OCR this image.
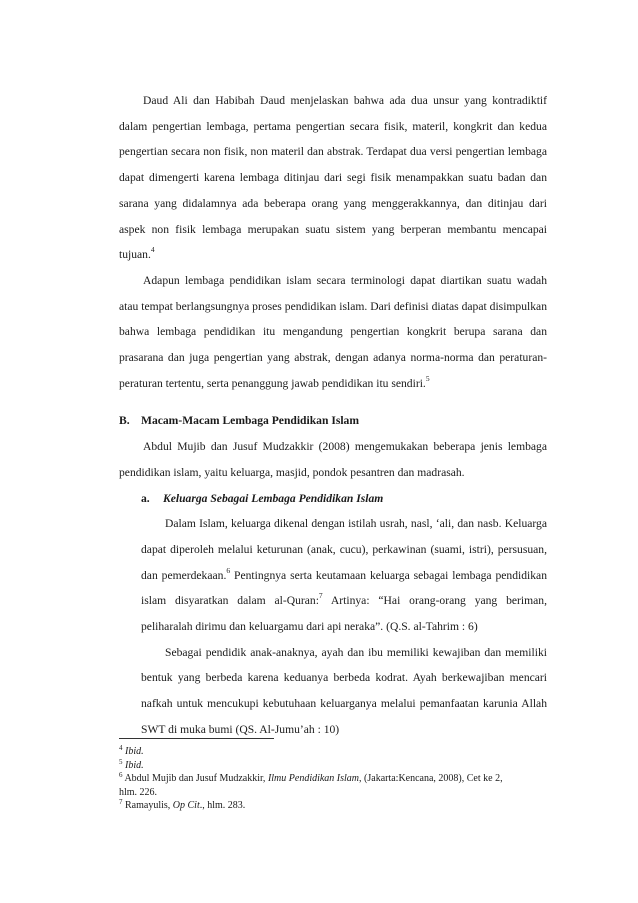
Daud Ali dan Habibah Daud menjelaskan bahwa ada dua unsur yang kontradiktif dalam pengertian lembaga, pertama pengertian secara fisik, materil, kongkrit dan kedua pengertian secara non fisik, non materil dan abstrak. Terdapat dua versi pengertian lembaga dapat dimengerti karena lembaga ditinjau dari segi fisik menampakkan suatu badan dan sarana yang didalamnya ada beberapa orang yang menggerakkannya, dan ditinjau dari aspek non fisik lembaga merupakan suatu sistem yang berperan membantu mencapai tujuan.$^4$

Adapun lembaga pendidikan islam secara terminologi dapat diartikan suatu wadah atau tempat berlangsungnya proses pendidikan islam. Dari definisi diatas dapat disimpulkan bahwa lembaga pendidikan itu mengandung pengertian kongkrit berupa sarana dan prasarana dan juga pengertian yang abstrak, dengan adanya norma-norma dan peraturan-peraturan tertentu, serta penanggung jawab pendidikan itu sendiri.$^5$

B. Macam-Macam Lembaga Pendidikan Islam

Abdul Mujib dan Jusuf Mudzakkir (2008) mengemukakan beberapa jenis lembaga pendidikan islam, yaitu keluarga, masjid, pondok pesantren dan madrasah.

a. Keluarga Sebagai Lembaga Pendidikan Islam

Dalam Islam, keluarga dikenal dengan istilah usrah, nasl, ‘ali, dan nasb. Keluarga dapat diperoleh melalui keturunan (anak, cucu), perkawinan (suami, istri), persusuan, dan pemerdekaan.$^6$ Pentingnya serta keutamaan keluarga sebagai lembaga pendidikan islam disyaratkan dalam al-Quran:$^7$ Artinya: “Hai orang-orang yang beriman, peliharalah dirimu dan keluargamu dari api neraka”. (Q.S. al-Tahrim : 6)

Sebagai pendidik anak-anaknya, ayah dan ibu memiliki kewajiban dan memiliki bentuk yang berbeda karena keduanya berbeda kodrat. Ayah berkewajiban mencari nafkah untuk mencukupi kebutuhaan keluarganya melalui pemanfaatan karunia Allah SWT di muka bumi (QS. Al-Jumu’ah : 10)

$^4$ Ibid.

$^5$ Ibid.

$^6$ Abdul Mujib dan Jusuf Mudzakkir, Ilmu Pendidikan Islam, (Jakarta:Kencana, 2008), Cet ke 2,
hlm. 226.

$^7$ Ramayulis, Op Cit., hlm. 283.
